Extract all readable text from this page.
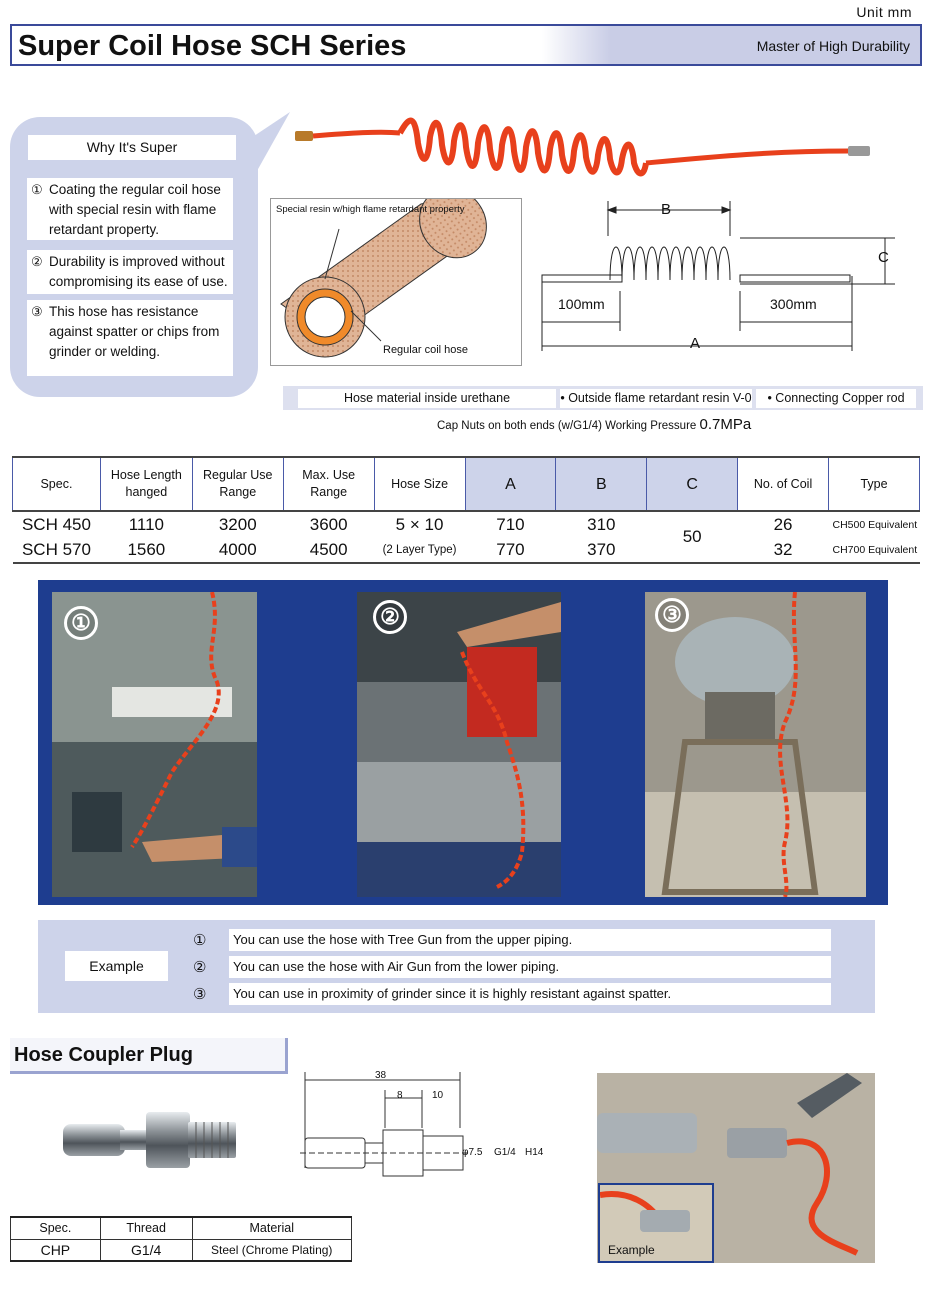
Unit mm
Super Coil Hose SCH Series	Master of High Durability
Why It's Super
① Coating the regular coil hose with special resin with flame retardant property.
② Durability is improved without compromising its ease of use.
③ This hose has resistance against spatter or chips from grinder or welding.
Special resin w/high flame retardant property
Regular coil hose
B
C
100mm	300mm
A
Hose material inside urethane	• Outside flame retardant resin V-0	• Connecting Copper rod
Cap Nuts on both ends (w/G1/4) Working Pressure 0.7MPa
Spec.	Hose Length hanged	Regular Use Range	Max. Use Range	Hose Size	A	B	C	No. of Coil	Type
SCH 450	1110	3200	3600	5 × 10	710	310	50	26	CH500 Equivalent
SCH 570	1560	4000	4500	(2 Layer Type)	770	370		32	CH700 Equivalent
①	②	③
Example
①	You can use the hose with Tree Gun from the upper piping.
②	You can use the hose with Air Gun from the lower piping.
③	You can use in proximity of grinder since it is highly resistant against spatter.
Hose Coupler Plug
38
8	10
φ7.5 G1/4 H14
Spec.	Thread	Material
CHP	G1/4	Steel (Chrome Plating)	Example
